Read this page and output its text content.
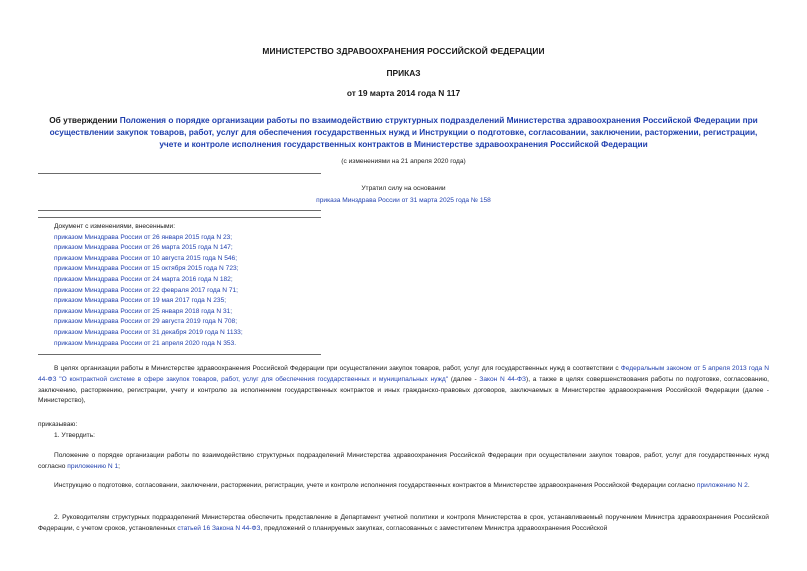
МИНИСТЕРСТВО ЗДРАВООХРАНЕНИЯ РОССИЙСКОЙ ФЕДЕРАЦИИ
ПРИКАЗ
от 19 марта 2014 года N 117
Об утверждении Положения о порядке организации работы по взаимодействию структурных подразделений Министерства здравоохранения Российской Федерации при осуществлении закупок товаров, работ, услуг для обеспечения государственных нужд и Инструкции о подготовке, согласовании, заключении, расторжении, регистрации, учете и контроле исполнения государственных контрактов в Министерстве здравоохранения Российской Федерации
(с изменениями на 21 апреля 2020 года)
Утратил силу на основании
приказа Минздрава России от 31 марта 2025 года № 158
Документ с изменениями, внесенными:
приказом Минздрава России от 26 января 2015 года N 23;
приказом Минздрава России от 26 марта 2015 года N 147;
приказом Минздрава России от 10 августа 2015 года N 546;
приказом Минздрава России от 15 октября 2015 года N 723;
приказом Минздрава России от 24 марта 2016 года N 182;
приказом Минздрава России от 22 февраля 2017 года N 71;
приказом Минздрава России от 19 мая 2017 года N 235;
приказом Минздрава России от 25 января 2018 года N 31;
приказом Минздрава России от 29 августа 2019 года N 708;
приказом Минздрава России от 31 декабря 2019 года N 1133;
приказом Минздрава России от 21 апреля 2020 года N 353.
В целях организации работы в Министерстве здравоохранения Российской Федерации при осуществлении закупок товаров, работ, услуг для государственных нужд в соответствии с Федеральным законом от 5 апреля 2013 года N 44-ФЗ "О контрактной системе в сфере закупок товаров, работ, услуг для обеспечения государственных и муниципальных нужд" (далее - Закон N 44-ФЗ), а также в целях совершенствования работы по подготовке, согласованию, заключению, расторжению, регистрации, учету и контролю за исполнением государственных контрактов и иных гражданско-правовых договоров, заключаемых в Министерстве здравоохранения Российской Федерации (далее - Министерство),
приказываю:
1. Утвердить:
Положение о порядке организации работы по взаимодействию структурных подразделений Министерства здравоохранения Российской Федерации при осуществлении закупок товаров, работ, услуг для государственных нужд согласно приложению N 1;
Инструкцию о подготовке, согласовании, заключении, расторжении, регистрации, учете и контроле исполнения государственных контрактов в Министерстве здравоохранения Российской Федерации согласно приложению N 2.
2. Руководителям структурных подразделений Министерства обеспечить представление в Департамент учетной политики и контроля Министерства в срок, устанавливаемый поручением Министра здравоохранения Российской Федерации, с учетом сроков, установленных статьей 16 Закона N 44-ФЗ, предложений о планируемых закупках, согласованных с заместителем Министра здравоохранения Российской
